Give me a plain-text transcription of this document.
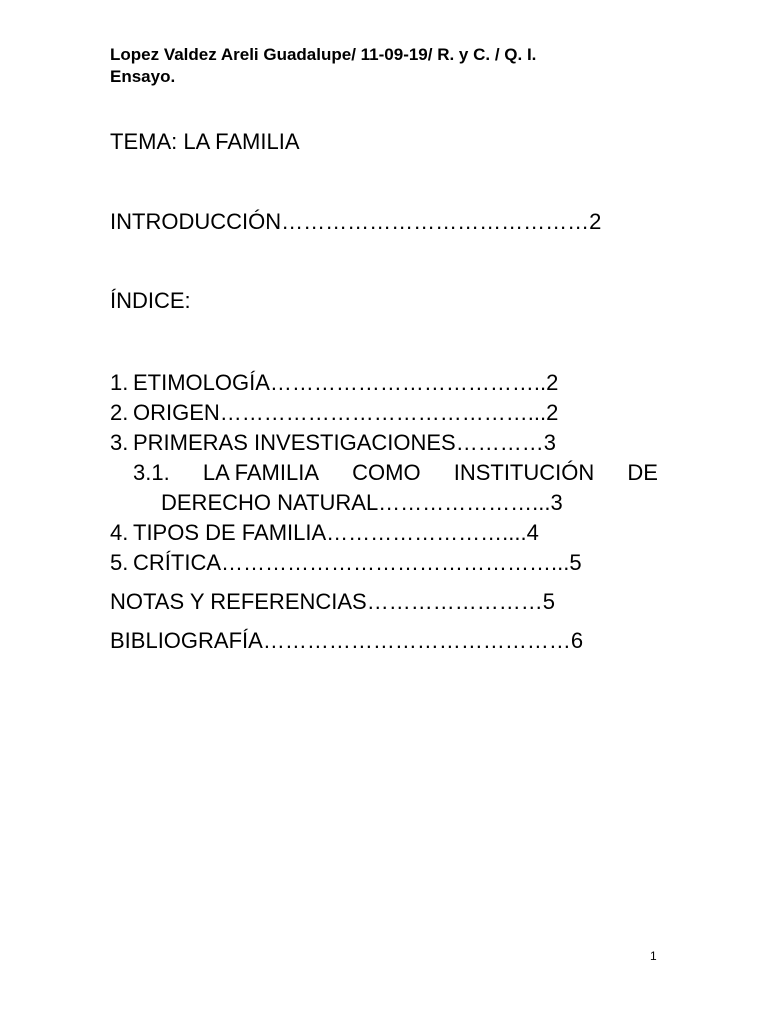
Lopez Valdez Areli Guadalupe/ 11-09-19/ R. y C. / Q. I.
Ensayo.
TEMA: LA FAMILIA
INTRODUCCIÓN……………………………………2
ÍNDICE:
1. ETIMOLOGÍA………………………………..2
2. ORIGEN……………………………………...2
3. PRIMERAS INVESTIGACIONES…………3
3.1. LA FAMILIA COMO INSTITUCIÓN DE
DERECHO NATURAL…………………...3
4. TIPOS DE FAMILIA……………………....4
5. CRÍTICA………………………………………...5
NOTAS Y REFERENCIAS……………………5
BIBLIOGRAFÍA……………………………………6
1
